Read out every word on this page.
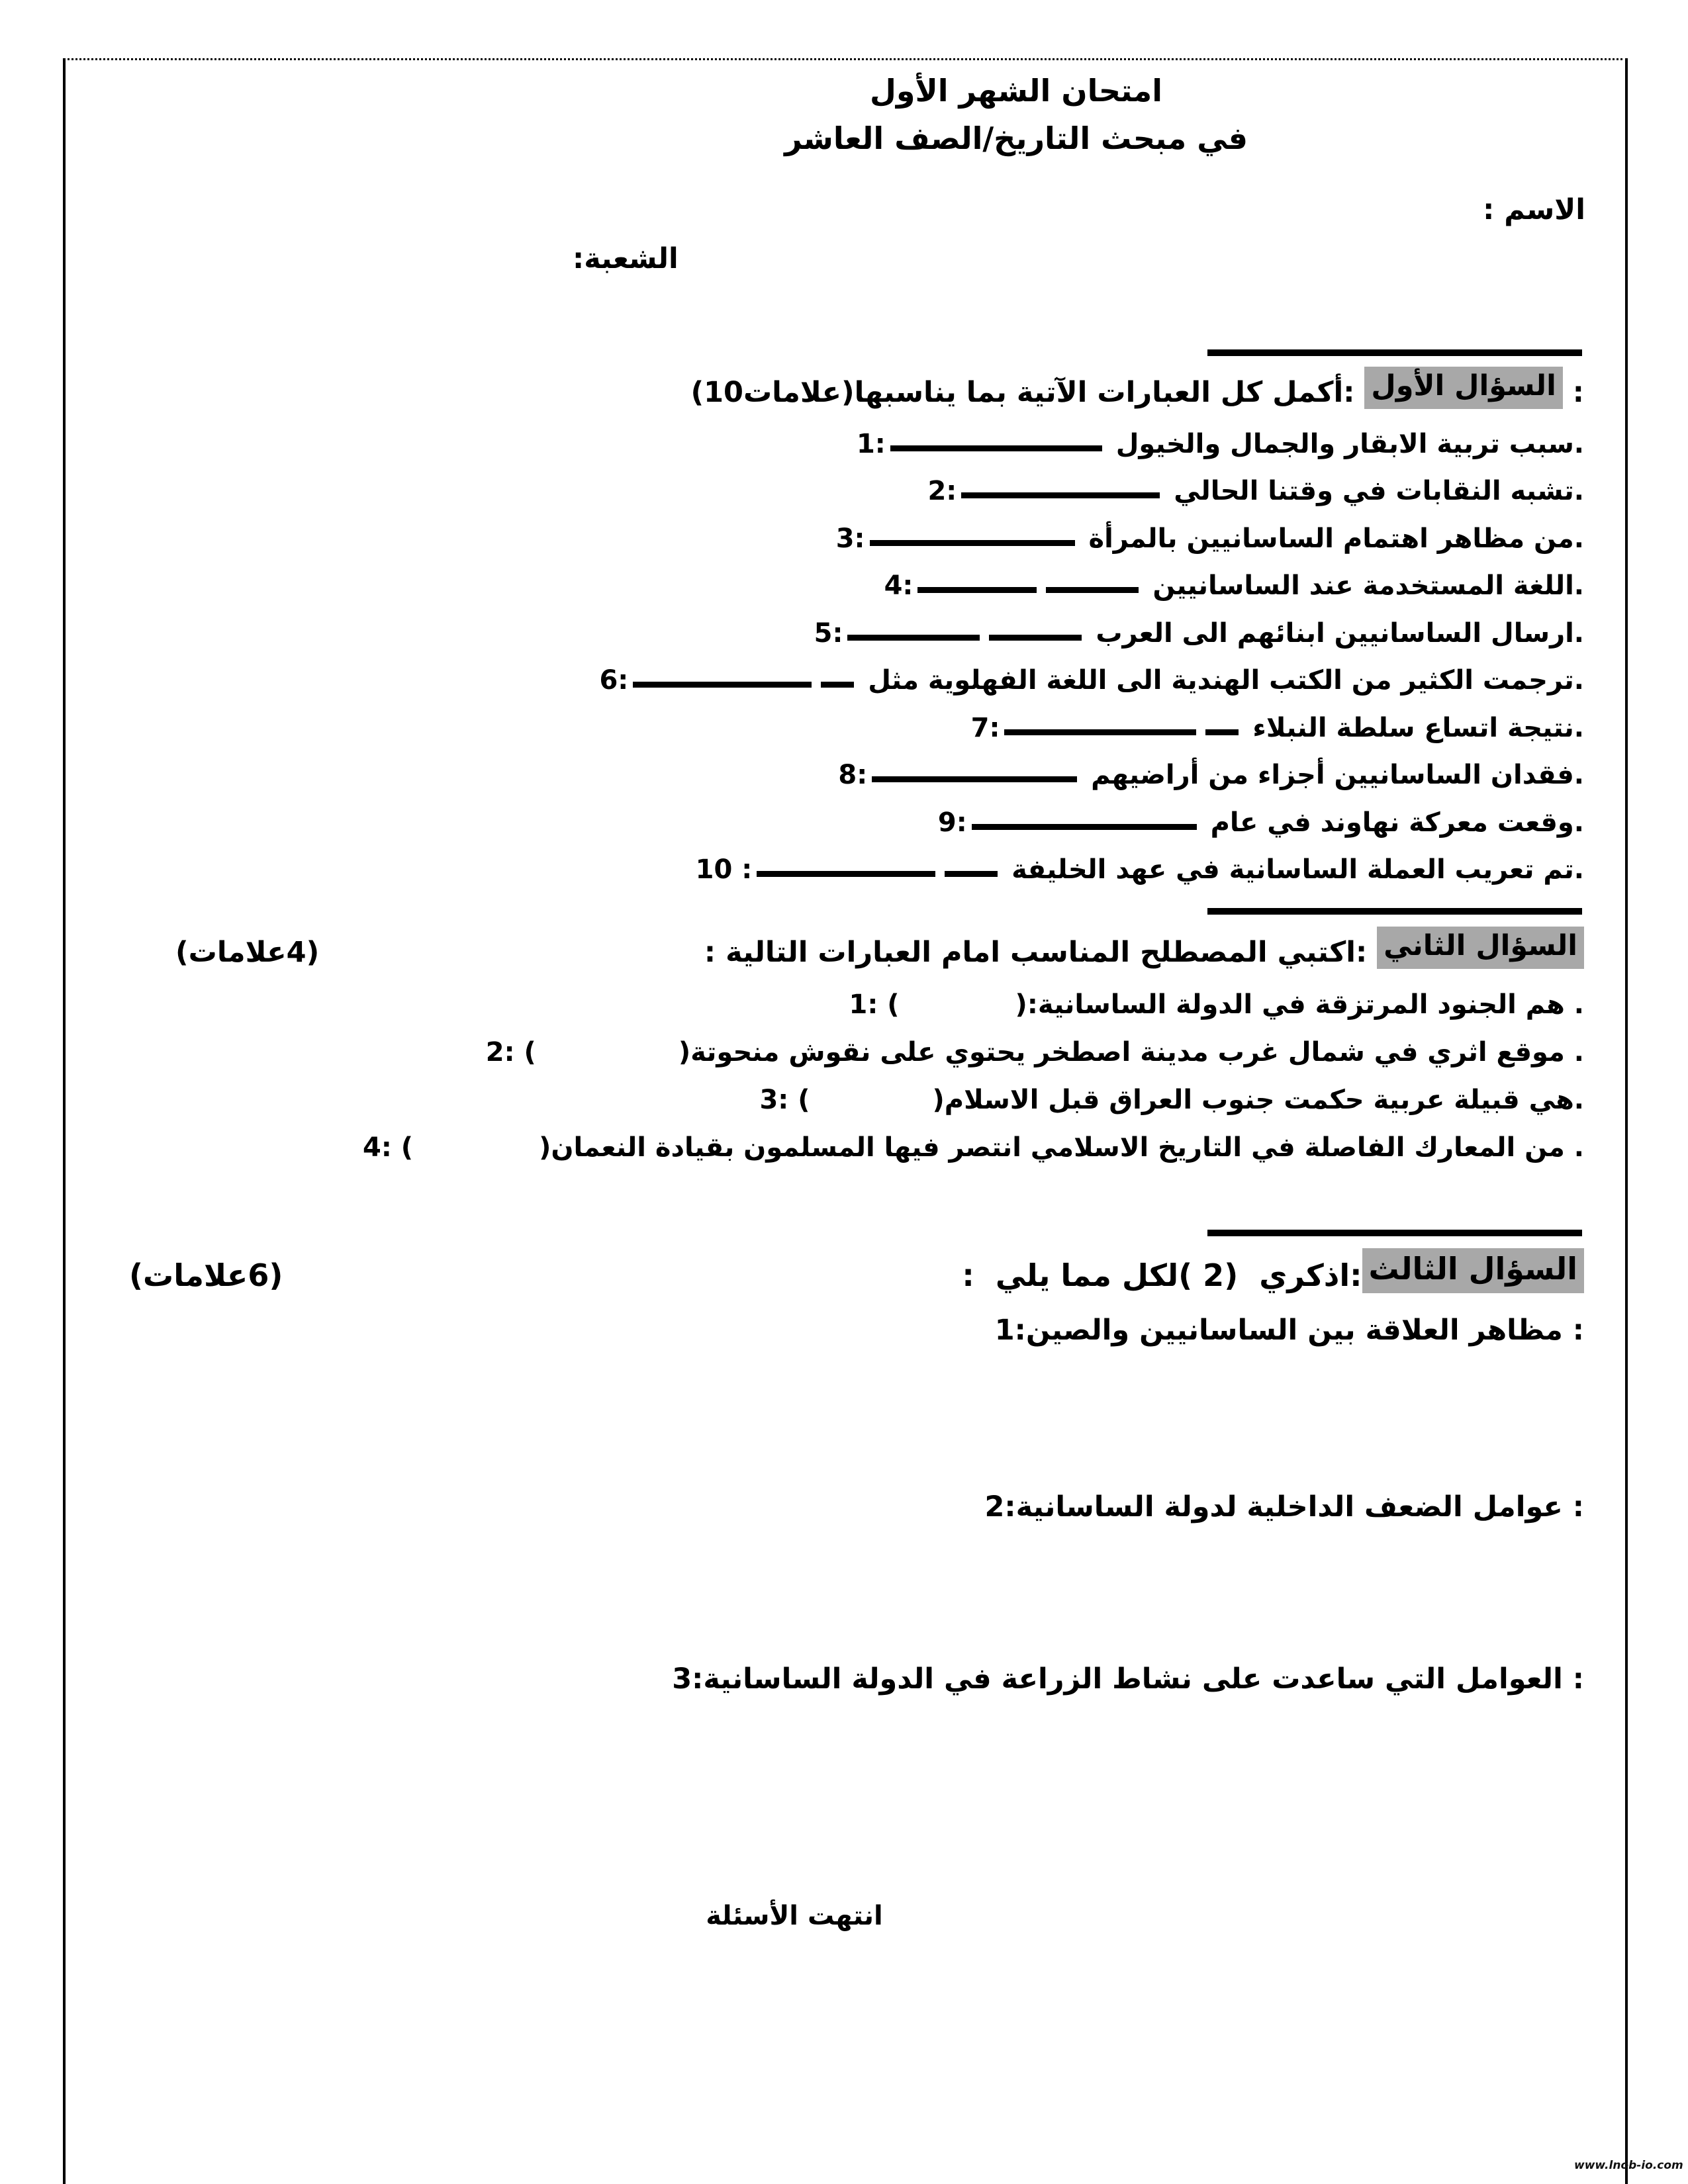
امتحان الشهر الأول
في مبحث التاريخ/الصف العاشر
الاسم :
الشعبة:
:
السؤال الأول
:أكمل كل العبارات الآتية بما يناسبها(علامات10)
.سبب تربية الابقار والجمال والخيول
1:
.تشبه النقابات في وقتنا الحالي
2:
.من مظاهر اهتمام الساسانيين بالمرأة
3:
.اللغة المستخدمة عند الساسانيين
4:
.ارسال الساسانيين ابنائهم الى العرب
5:
.ترجمت الكثير من الكتب الهندية الى اللغة الفهلوية مثل
6:
.نتيجة اتساع سلطة النبلاء
7:
.فقدان الساسانيين أجزاء من أراضيهم
8:
.وقعت معركة نهاوند في عام
9:
.تم تعريب العملة الساسانية في عهد الخليفة
10 :
السؤال الثاني
:اكتبي المصطلح المناسب امام العبارات التالية :
(4علامات)
. هم الجنود المرتزقة في الدولة الساسانية:
)
1: (
. موقع اثري في شمال غرب مدينة اصطخر يحتوي على نقوش منحوتة
)
2: (
.هي قبيلة عربية حكمت جنوب العراق قبل الاسلام
)
3: (
. من المعارك الفاصلة في التاريخ الاسلامي انتصر فيها المسلمون بقيادة النعمان
)
4: (
السؤال الثالث
:اذكري  (2 )لكل مما يلي  :
(6علامات)
: مظاهر العلاقة بين الساسانيين والصين
1:
: عوامل الضعف الداخلية لدولة الساسانية
2:
: العوامل التي ساعدت على نشاط الزراعة في الدولة الساسانية
3:
انتهت الأسئلة
www.lnob-io.com
